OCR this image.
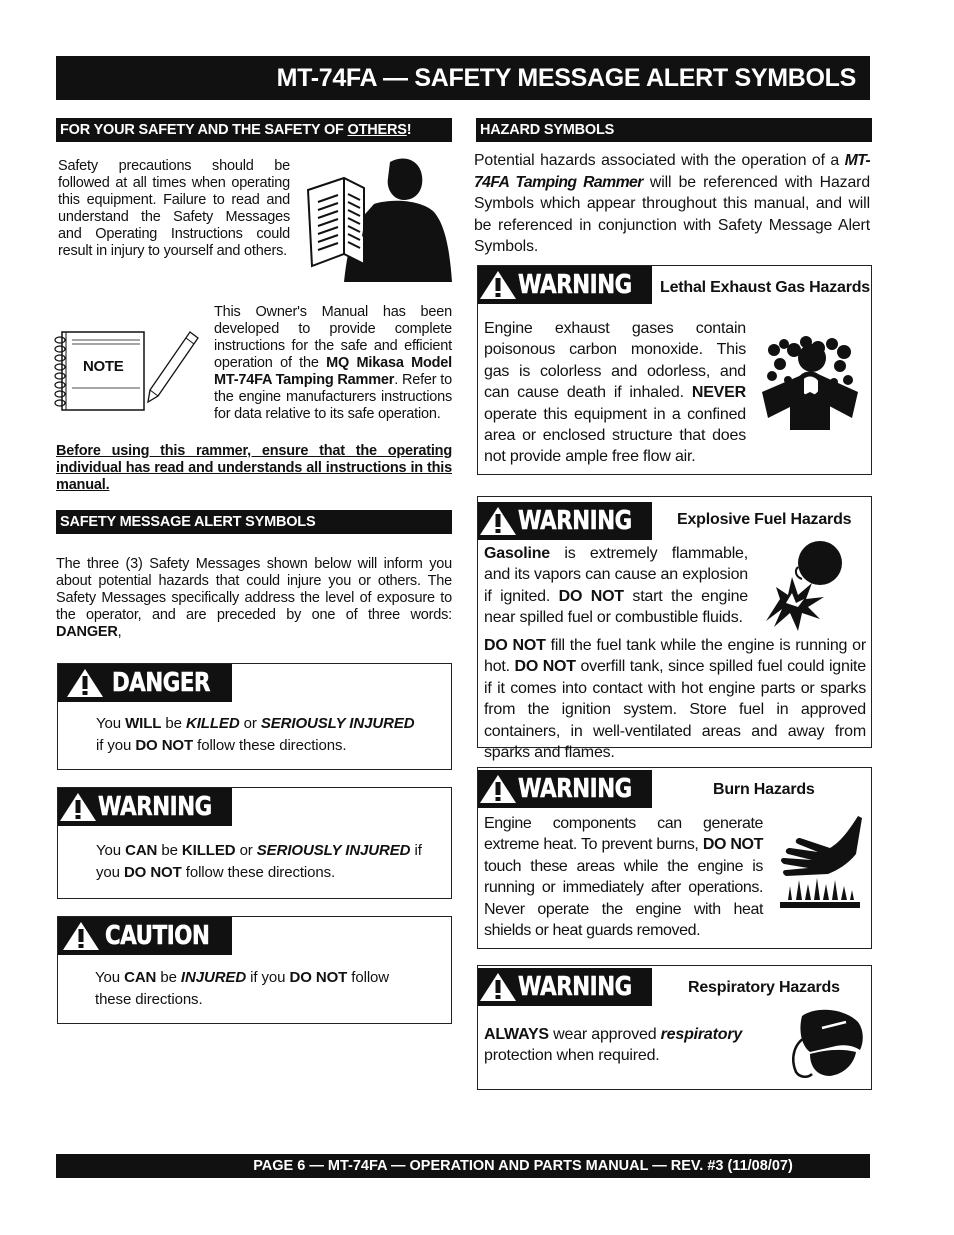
MT-74FA — SAFETY MESSAGE ALERT SYMBOLS
FOR YOUR SAFETY AND THE SAFETY OF OTHERS!
Safety precautions should be followed at all times when operating this equipment. Failure to read and understand the Safety Messages and Operating Instructions could result in injury to yourself and others.
NOTE
This Owner's Manual has been developed to provide complete instructions for the safe and efficient operation of the MQ Mikasa Model MT-74FA Tamping Rammer. Refer to the engine manufacturers instructions for data relative to its safe operation.
Before using this rammer, ensure that the operating individual has read and understands all instructions in this manual.
SAFETY MESSAGE ALERT SYMBOLS
The three (3) Safety Messages shown below will inform you about potential hazards that could injure you or others. The Safety Messages specifically address the level of exposure to the operator, and are preceded by one of three words: DANGER,
DANGER
You WILL be KILLED or SERIOUSLY INJURED
if you DO NOT follow these directions.
WARNING
You CAN be KILLED or SERIOUSLY INJURED if
you DO NOT follow these directions.
CAUTION
You CAN be INJURED if you DO NOT follow
these directions.
HAZARD SYMBOLS
Potential hazards associated with the operation of a MT-74FA Tamping Rammer will be referenced with Hazard Symbols which appear throughout this manual, and will be referenced in conjunction with Safety Message Alert Symbols.
WARNING Lethal Exhaust Gas Hazards
Engine exhaust gases contain poisonous carbon monoxide. This gas is colorless and odorless, and can cause death if inhaled. NEVER operate this equipment in a confined area or enclosed structure that does not provide ample free flow air.
WARNING	Explosive Fuel Hazards
Gasoline is extremely flammable, and its vapors can cause an explosion if ignited. DO NOT start the engine near spilled fuel or combustible fluids.
DO NOT fill the fuel tank while the engine is running or hot. DO NOT overfill tank, since spilled fuel could ignite if it comes into contact with hot engine parts or sparks from the ignition system. Store fuel in approved containers, in well-ventilated areas and away from sparks and flames.
WARNING	Burn Hazards
Engine components can generate extreme heat. To prevent burns, DO NOT touch these areas while the engine is running or immediately after operations. Never operate the engine with heat shields or heat guards removed.
WARNING	Respiratory Hazards
ALWAYS wear approved respiratory
protection when required.
PAGE 6 — MT-74FA — OPERATION AND PARTS MANUAL — REV. #3 (11/08/07)
